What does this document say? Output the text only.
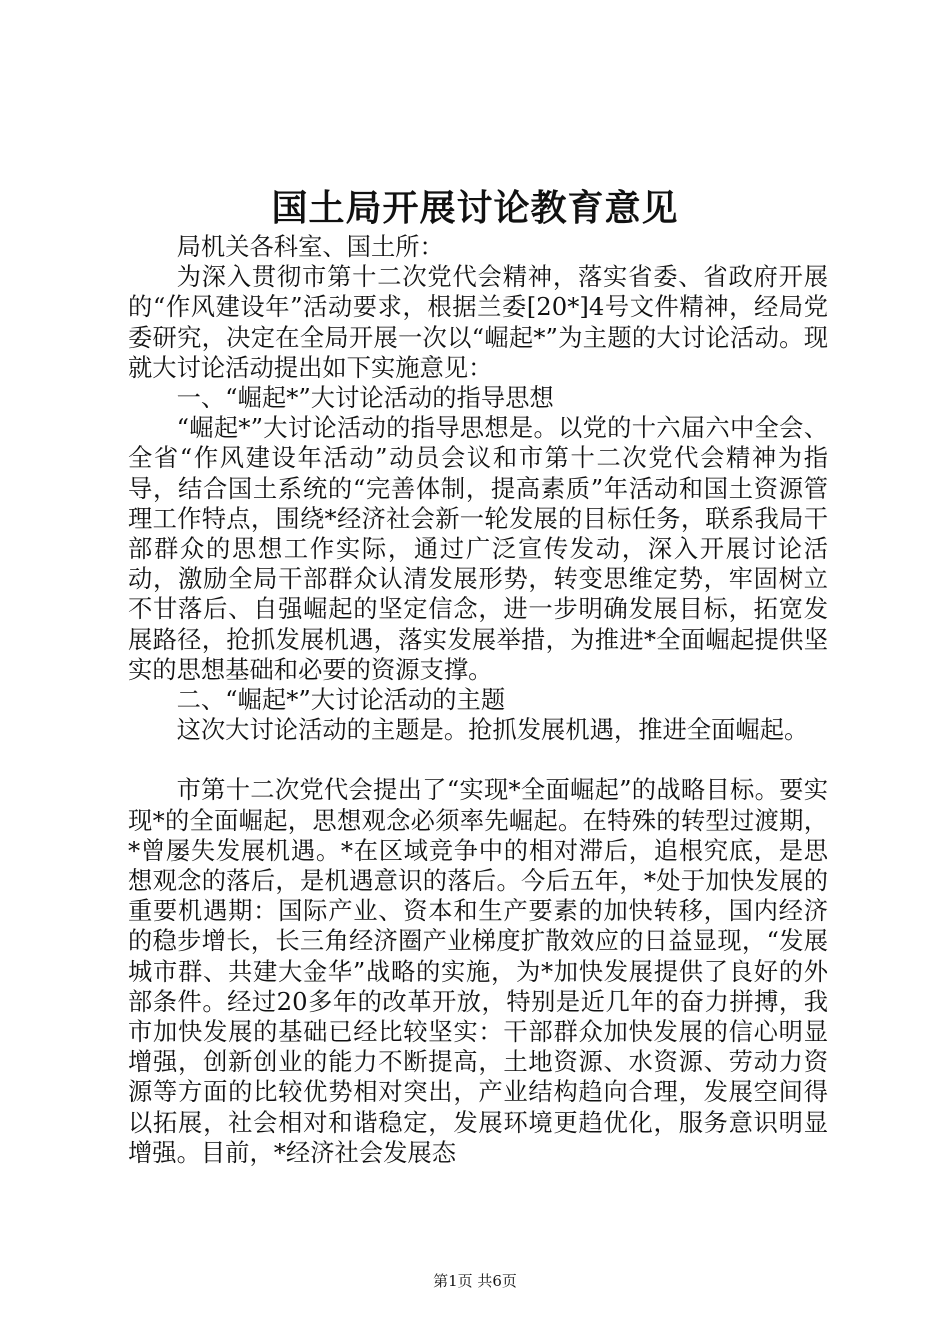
国土局开展讨论教育意见

局机关各科室、国土所：

为深入贯彻市第十二次党代会精神，落实省委、省政府开展的“作风建设年”活动要求，根据兰委[20*]4号文件精神，经局党委研究，决定在全局开展一次以“崛起*”为主题的大讨论活动。现就大讨论活动提出如下实施意见：

一、“崛起*”大讨论活动的指导思想

“崛起*”大讨论活动的指导思想是。以党的十六届六中全会、全省“作风建设年活动”动员会议和市第十二次党代会精神为指导，结合国土系统的“完善体制，提高素质”年活动和国土资源管理工作特点，围绕*经济社会新一轮发展的目标任务，联系我局干部群众的思想工作实际，通过广泛宣传发动，深入开展讨论活动，激励全局干部群众认清发展形势，转变思维定势，牢固树立不甘落后、自强崛起的坚定信念，进一步明确发展目标，拓宽发展路径，抢抓发展机遇，落实发展举措，为推进*全面崛起提供坚实的思想基础和必要的资源支撑。

二、“崛起*”大讨论活动的主题

这次大讨论活动的主题是。抢抓发展机遇，推进全面崛起。

市第十二次党代会提出了“实现*全面崛起”的战略目标。要实现*的全面崛起，思想观念必须率先崛起。在特殊的转型过渡期，*曾屡失发展机遇。*在区域竞争中的相对滞后，追根究底，是思想观念的落后，是机遇意识的落后。今后五年，*处于加快发展的重要机遇期：国际产业、资本和生产要素的加快转移，国内经济的稳步增长，长三角经济圈产业梯度扩散效应的日益显现，“发展城市群、共建大金华”战略的实施，为*加快发展提供了良好的外部条件。经过20多年的改革开放，特别是近几年的奋力拼搏，我市加快发展的基础已经比较坚实：干部群众加快发展的信心明显增强，创新创业的能力不断提高，土地资源、水资源、劳动力资源等方面的比较优势相对突出，产业结构趋向合理，发展空间得以拓展，社会相对和谐稳定，发展环境更趋优化，服务意识明显增强。目前，*经济社会发展态

第1页 共6页
